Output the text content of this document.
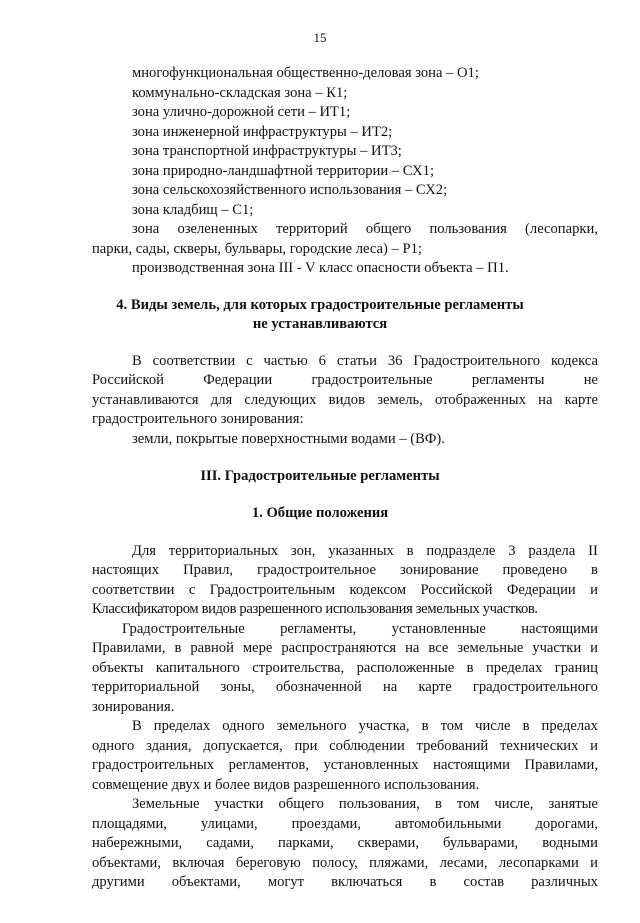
15
многофункциональная общественно-деловая зона – О1;
коммунально-складская зона – К1;
зона улично-дорожной сети – ИТ1;
зона инженерной инфраструктуры – ИТ2;
зона транспортной инфраструктуры – ИТ3;
зона природно-ландшафтной территории – СХ1;
зона сельскохозяйственного использования – СХ2;
зона кладбищ – С1;
зона озелененных территорий общего пользования (лесопарки,
парки, сады, скверы, бульвары, городские леса) – Р1;
производственная зона III - V класс опасности объекта – П1.
4. Виды земель, для которых градостроительные регламенты
не устанавливаются
В соответствии с частью 6 статьи 36 Градостроительного кодекса
Российской	Федерации	градостроительные	регламенты	не
устанавливаются для следующих видов земель, отображенных на карте
градостроительного зонирования:
земли, покрытые поверхностными водами – (ВФ).
III. Градостроительные регламенты
1. Общие положения
Для территориальных зон, указанных в подразделе 3 раздела II
настоящих Правил, градостроительное зонирование проведено в
соответствии с Градостроительным кодексом Российской Федерации и
Классификатором видов разрешенного использования земельных участков.
Градостроительные регламенты, установленные настоящими
Правилами, в равной мере распространяются на все земельные участки и
объекты капитального строительства, расположенные в пределах границ
территориальной зоны, обозначенной на карте градостроительного
зонирования.
В пределах одного земельного участка, в том числе в пределах
одного здания, допускается, при соблюдении требований технических и
градостроительных регламентов, установленных настоящими Правилами,
совмещение двух и более видов разрешенного использования.
Земельные участки общего пользования, в том числе, занятые
площадями, улицами, проездами, автомобильными дорогами,
набережными, садами, парками, скверами, бульварами, водными
объектами, включая береговую полосу, пляжами, лесами, лесопарками и
другими объектами, могут включаться в состав различных
